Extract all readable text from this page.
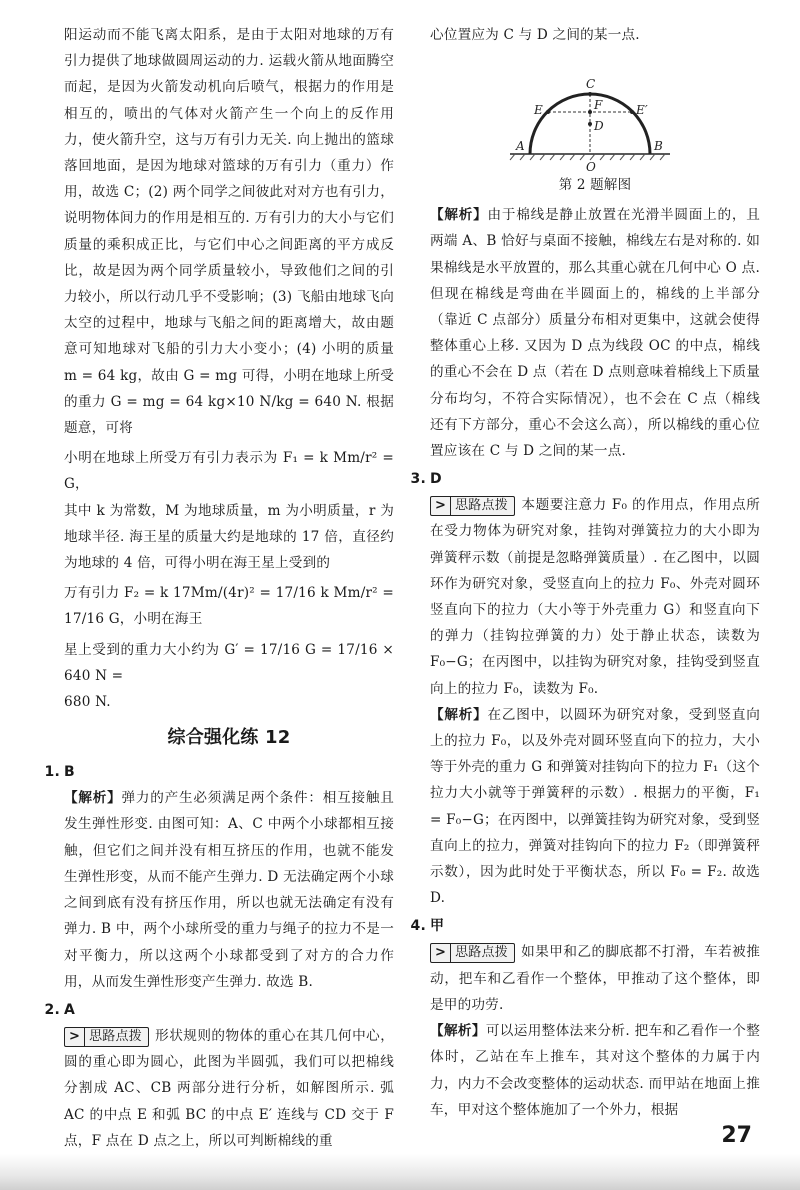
阳运动而不能飞离太阳系，是由于太阳对地球的万有引力提供了地球做圆周运动的力. 运载火箭从地面腾空而起，是因为火箭发动机向后喷气，根据力的作用是相互的，喷出的气体对火箭产生一个向上的反作用力，使火箭升空，这与万有引力无关. 向上抛出的篮球落回地面，是因为地球对篮球的万有引力（重力）作用，故选 C；(2) 两个同学之间彼此对对方也有引力，说明物体间力的作用是相互的. 万有引力的大小与它们质量的乘积成正比，与它们中心之间距离的平方成反比，故是因为两个同学质量较小，导致他们之间的引力较小，所以行动几乎不受影响；(3) 飞船由地球飞向太空的过程中，地球与飞船之间的距离增大，故由题意可知地球对飞船的引力大小变小；(4) 小明的质量 m = 64 kg，故由 G = mg 可得，小明在地球上所受的重力 G = mg = 64 kg×10 N/kg = 640 N. 根据题意，可将

小明在地球上所受万有引力表示为 F₁ = k Mm/r² = G，

其中 k 为常数，M 为地球质量，m 为小明质量，r 为地球半径. 海王星的质量大约是地球的 17 倍，直径约为地球的 4 倍，可得小明在海王星上受到的

万有引力 F₂ = k 17Mm/(4r)² = 17/16 k Mm/r² = 17/16 G，小明在海王

星上受到的重力大小约为 G′ = 17/16 G = 17/16 × 640 N =

680 N.

综合强化练 12
1. B

【解析】弹力的产生必须满足两个条件：相互接触且发生弹性形变. 由图可知：A、C 中两个小球都相互接触，但它们之间并没有相互挤压的作用，也就不能发生弹性形变，从而不能产生弹力. D 无法确定两个小球之间到底有没有挤压作用，所以也就无法确定有没有弹力. B 中，两个小球所受的重力与绳子的拉力不是一对平衡力，所以这两个小球都受到了对方的合力作用，从而发生弹性形变产生弹力. 故选 B.

2. A

> 思路点拨 形状规则的物体的重心在其几何中心，圆的重心即为圆心，此图为半圆弧，我们可以把棉线分割成 AC、CB 两部分进行分析，如解图所示. 弧 AC 的中点 E 和弧 BC 的中点 E′ 连线与 CD 交于 F 点，F 点在 D 点之上，所以可判断棉线的重

心位置应为 C 与 D 之间的某一点.

C
E	F	E′
D
A	B
O
第 2 题解图

【解析】由于棉线是静止放置在光滑半圆面上的，且两端 A、B 恰好与桌面不接触，棉线左右是对称的. 如果棉线是水平放置的，那么其重心就在几何中心 O 点. 但现在棉线是弯曲在半圆面上的，棉线的上半部分（靠近 C 点部分）质量分布相对更集中，这就会使得整体重心上移. 又因为 D 点为线段 OC 的中点，棉线的重心不会在 D 点（若在 D 点则意味着棉线上下质量分布均匀，不符合实际情况），也不会在 C 点（棉线还有下方部分，重心不会这么高），所以棉线的重心位置应该在 C 与 D 之间的某一点.

3. D

> 思路点拨 本题要注意力 F₀ 的作用点，作用点所在受力物体为研究对象，挂钩对弹簧拉力的大小即为弹簧秤示数（前提是忽略弹簧质量）. 在乙图中，以圆环作为研究对象，受竖直向上的拉力 F₀、外壳对圆环竖直向下的拉力（大小等于外壳重力 G）和竖直向下的弹力（挂钩拉弹簧的力）处于静止状态，读数为 F₀−G；在丙图中，以挂钩为研究对象，挂钩受到竖直向上的拉力 F₀，读数为 F₀.

【解析】在乙图中，以圆环为研究对象，受到竖直向上的拉力 F₀，以及外壳对圆环竖直向下的拉力，大小等于外壳的重力 G 和弹簧对挂钩向下的拉力 F₁（这个拉力大小就等于弹簧秤的示数）. 根据力的平衡，F₁ = F₀−G；在丙图中，以弹簧挂钩为研究对象，受到竖直向上的拉力，弹簧对挂钩向下的拉力 F₂（即弹簧秤示数），因为此时处于平衡状态，所以 F₀ = F₂. 故选 D.

4. 甲

> 思路点拨 如果甲和乙的脚底都不打滑，车若被推动，把车和乙看作一个整体，甲推动了这个整体，即是甲的功劳.

【解析】可以运用整体法来分析. 把车和乙看作一个整体时，乙站在车上推车，其对这个整体的力属于内力，内力不会改变整体的运动状态. 而甲站在地面上推车，甲对这个整体施加了一个外力，根据

27
